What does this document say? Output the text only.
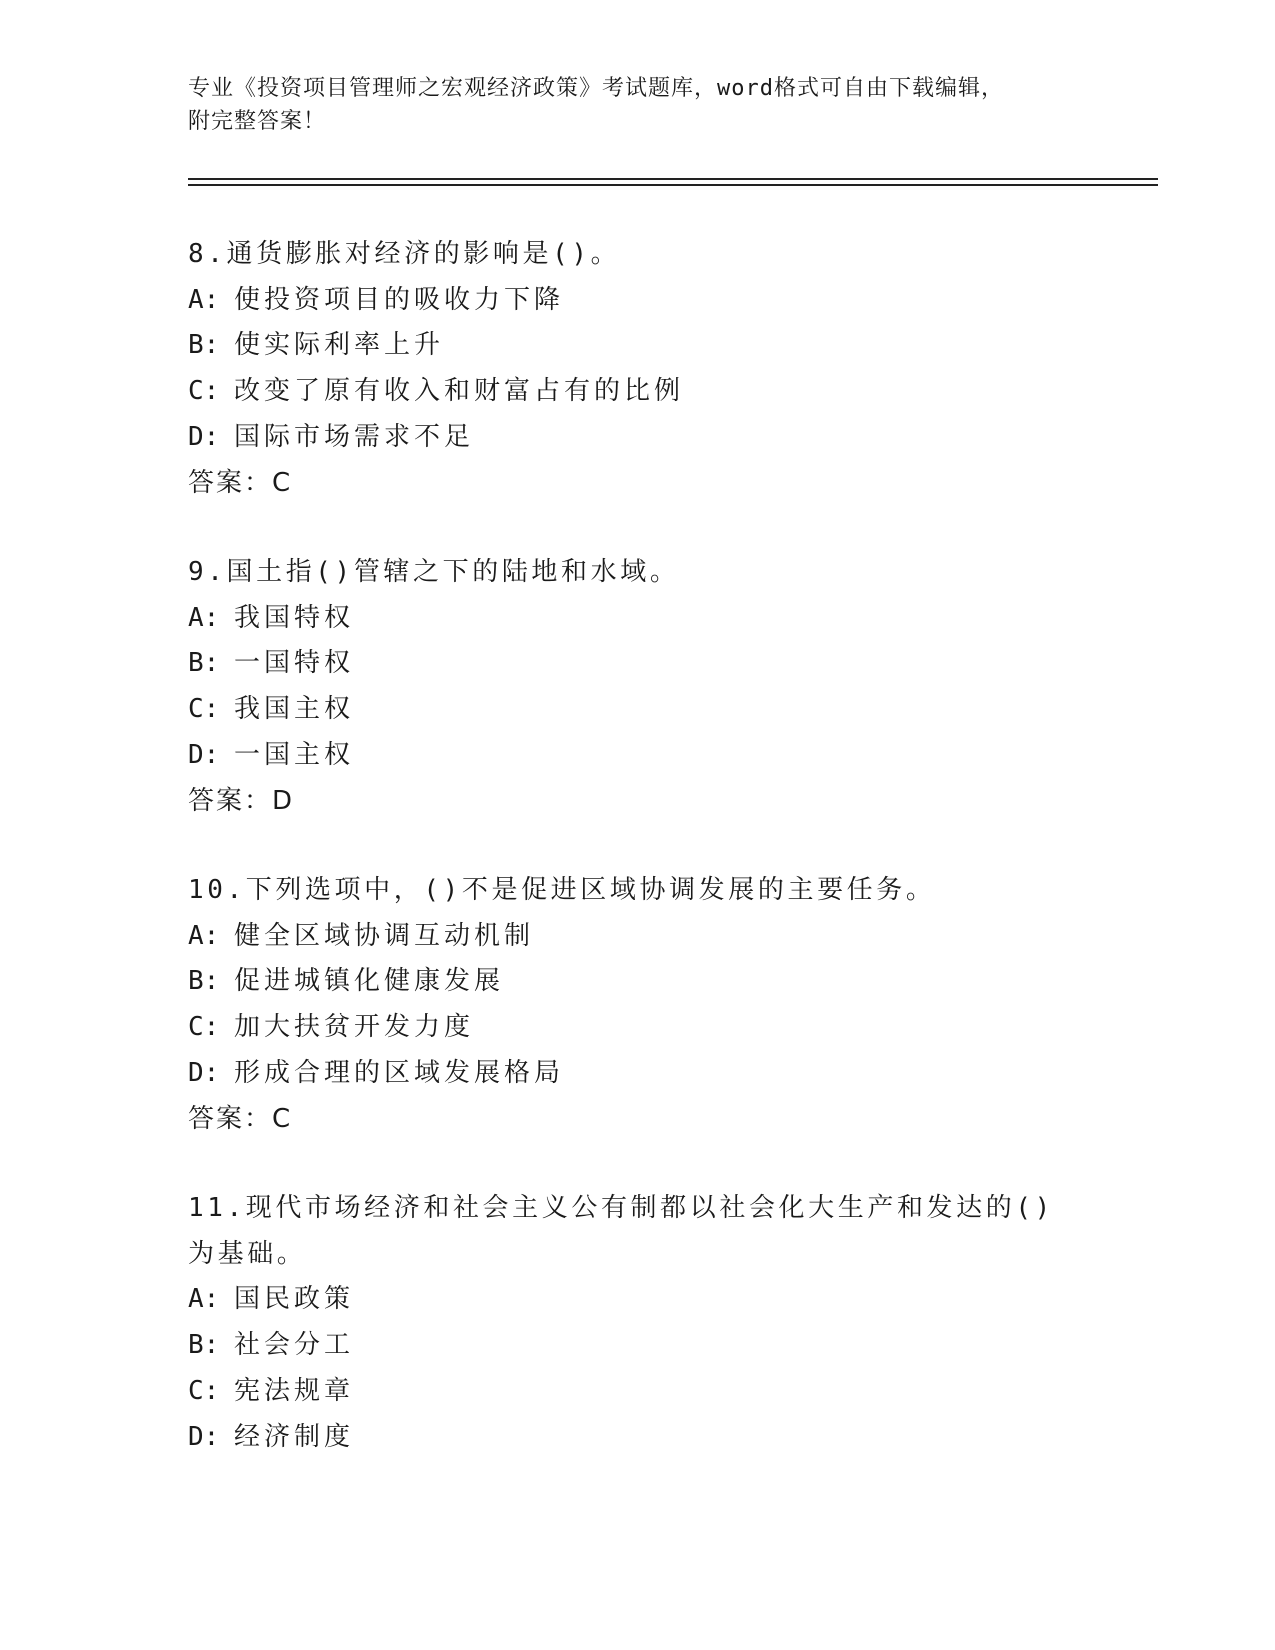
专业《投资项目管理师之宏观经济政策》考试题库，word格式可自由下载编辑，
附完整答案！
8.通货膨胀对经济的影响是()。
A: 使投资项目的吸收力下降
B: 使实际利率上升
C: 改变了原有收入和财富占有的比例
D: 国际市场需求不足
答案：C
9.国土指()管辖之下的陆地和水域。
A: 我国特权
B: 一国特权
C: 我国主权
D: 一国主权
答案：D
10.下列选项中，()不是促进区域协调发展的主要任务。
A: 健全区域协调互动机制
B: 促进城镇化健康发展
C: 加大扶贫开发力度
D: 形成合理的区域发展格局
答案：C
11.现代市场经济和社会主义公有制都以社会化大生产和发达的()为基础。
A: 国民政策
B: 社会分工
C: 宪法规章
D: 经济制度
